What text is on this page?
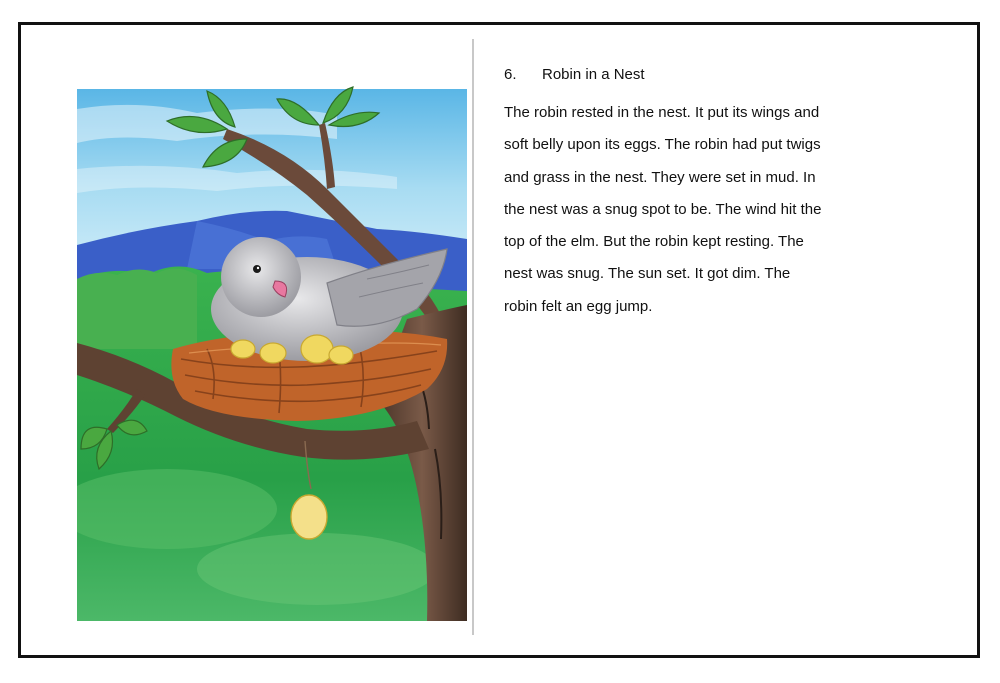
6.	Robin in a Nest

The robin rested in the nest. It put its wings and

soft belly upon its eggs. The robin had put twigs

and grass in the nest. They were set in mud. In

the nest was a snug spot to be. The wind hit the

top of the elm. But the robin kept resting. The

nest was snug. The sun set. It got dim. The

robin felt an egg jump.
